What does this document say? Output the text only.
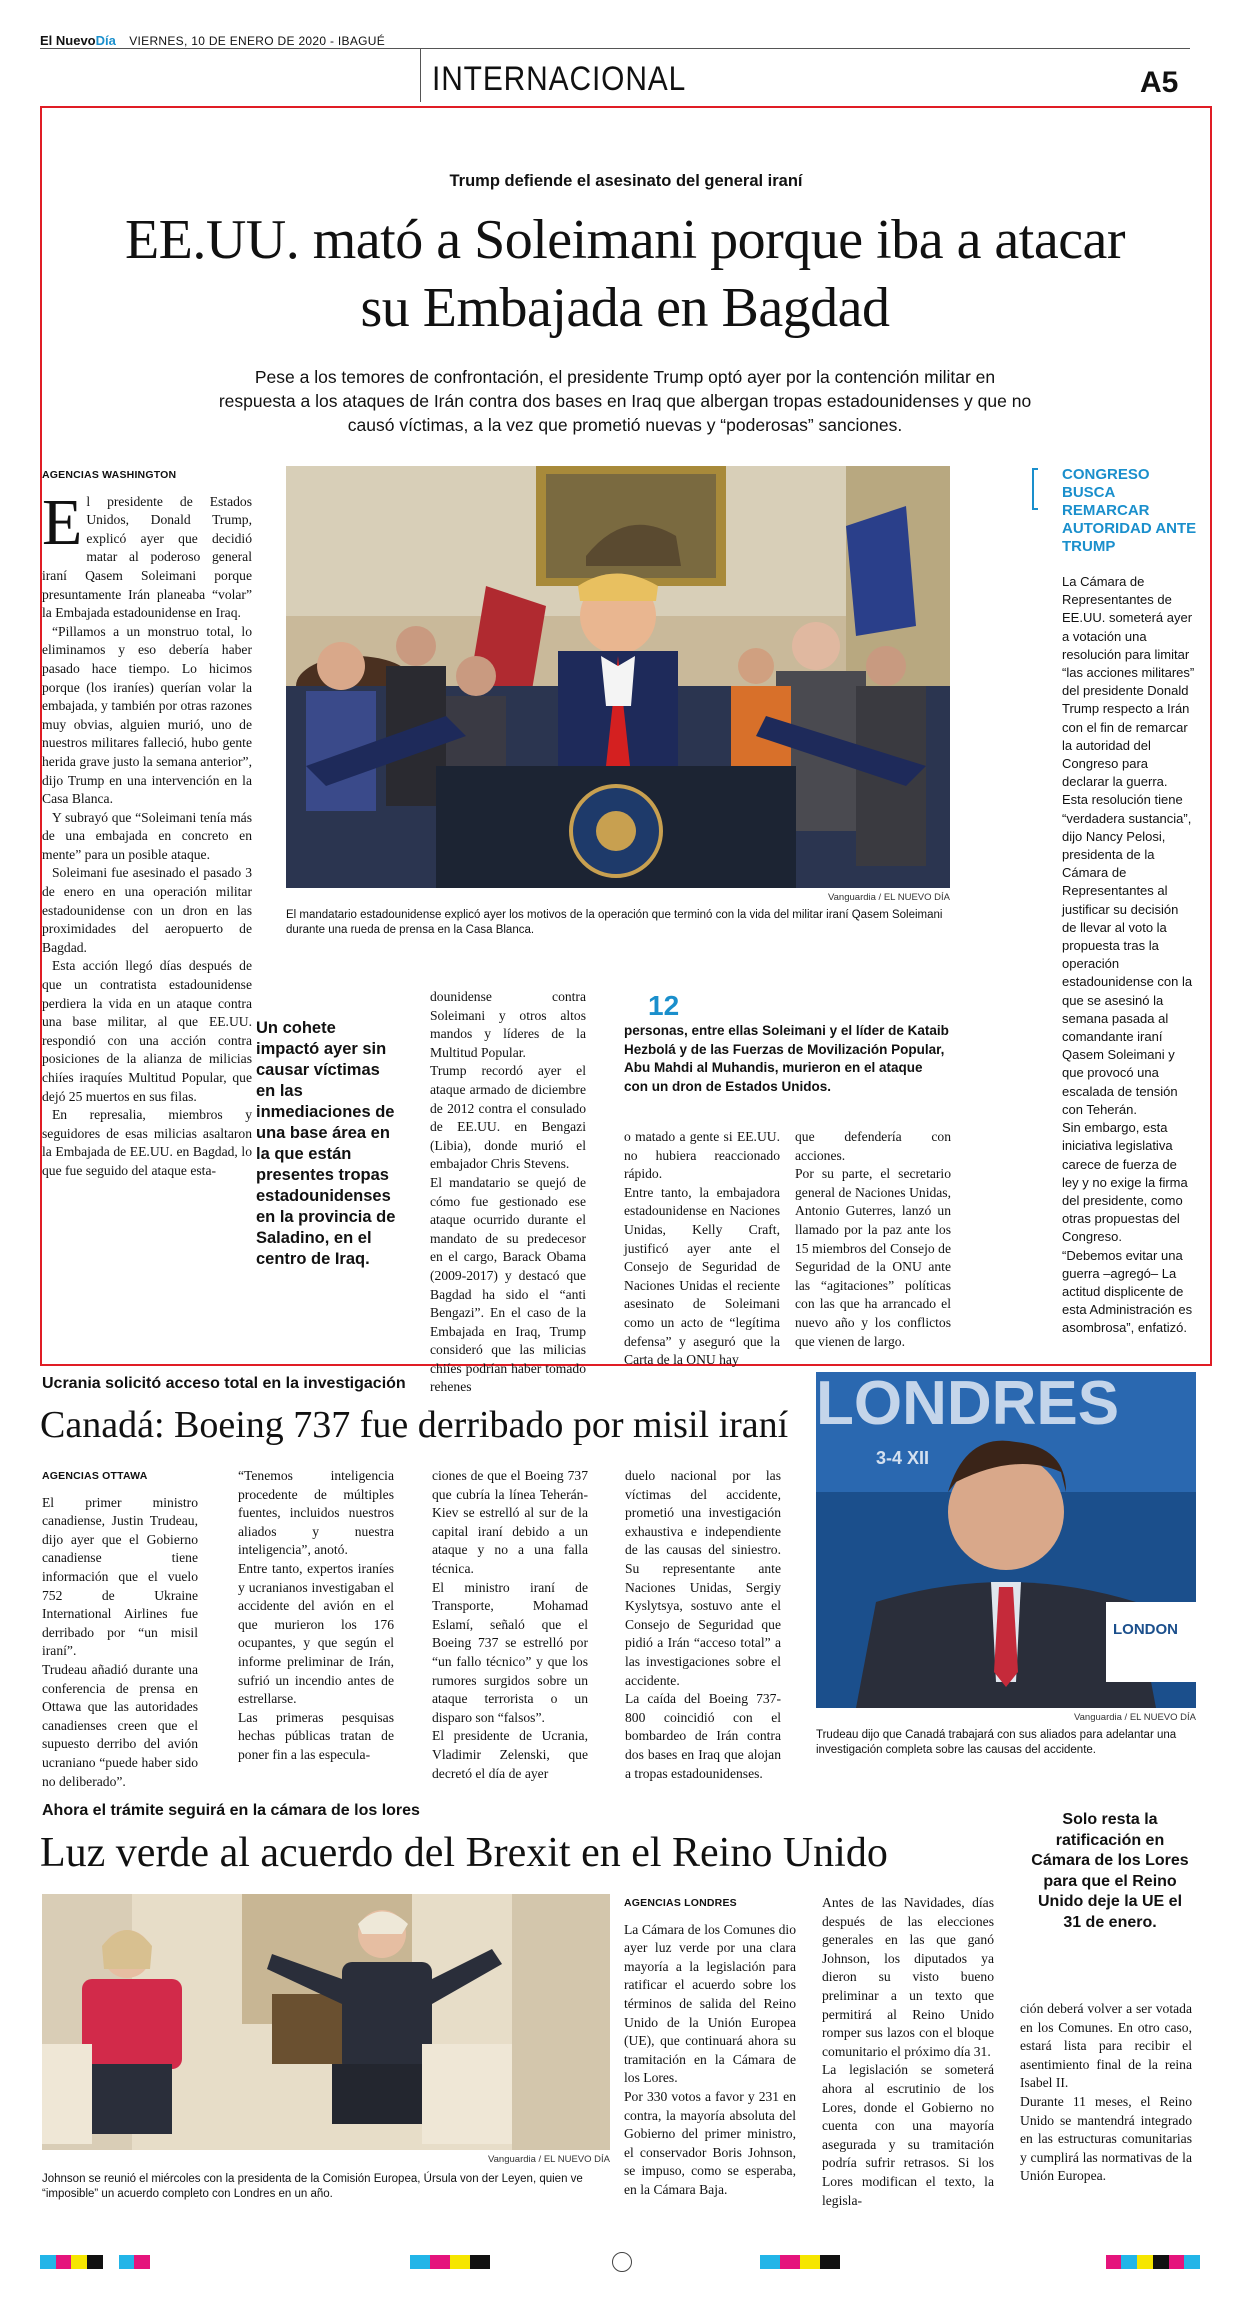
El NuevoDía VIERNES, 10 DE ENERO DE 2020 - IBAGUÉ
INTERNACIONAL	A5
Trump defiende el asesinato del general iraní
EE.UU. mató a Soleimani porque iba a atacar su Embajada en Bagdad
Pese a los temores de confrontación, el presidente Trump optó ayer por la contención militar en respuesta a los ataques de Irán contra dos bases en Iraq que albergan tropas estadounidenses y que no causó víctimas, a la vez que prometió nuevas y “poderosas” sanciones.
AGENCIAS WASHINGTON

El presidente de Estados Unidos, Donald Trump, explicó ayer que decidió matar al poderoso general iraní Qasem Soleimani porque presuntamente Irán planeaba “volar” la Embajada estadounidense en Iraq.

“Pillamos a un monstruo total, lo eliminamos y eso debería haber pasado hace tiempo. Lo hicimos porque (los iraníes) querían volar la embajada, y también por otras razones muy obvias, alguien murió, uno de nuestros militares falleció, hubo gente herida grave justo la semana anterior”, dijo Trump en una intervención en la Casa Blanca.

Y subrayó que “Soleimani tenía más de una embajada en concreto en mente” para un posible ataque.

Soleimani fue asesinado el pasado 3 de enero en una operación militar estadounidense con un dron en las proximidades del aeropuerto de Bagdad.

Esta acción llegó días después de que un contratista estadounidense perdiera la vida en un ataque contra una base militar, al que EE.UU. respondió con una acción contra posiciones de la alianza de milicias chiíes iraquíes Multitud Popular, que dejó 25 muertos en sus filas.

En represalia, miembros y seguidores de esas milicias asaltaron la Embajada de EE.UU. en Bagdad, lo que fue seguido del ataque esta-

Vanguardia / EL NUEVO DÍA
El mandatario estadounidense explicó ayer los motivos de la operación que terminó con la vida del militar iraní Qasem Soleimani durante una rueda de prensa en la Casa Blanca.
Un cohete impactó ayer sin causar víctimas en las inmediaciones de una base área en la que están presentes tropas estadounidenses en la provincia de Saladino, en el centro de Iraq.

dounidense contra Soleimani y otros altos mandos y líderes de la Multitud Popular.
Trump recordó ayer el ataque armado de diciembre de 2012 contra el consulado de EE.UU. en Bengazi (Libia), donde murió el embajador Chris Stevens.
El mandatario se quejó de cómo fue gestionado ese ataque ocurrido durante el mandato de su predecesor en el cargo, Barack Obama (2009-2017) y destacó que Bagdad ha sido el “anti Bengazi”. En el caso de la Embajada en Iraq, Trump consideró que las milicias chiíes podrían haber tomado rehenes

12
personas, entre ellas Soleimani y el líder de Kataib Hezbolá y de las Fuerzas de Movilización Popular, Abu Mahdi al Muhandis, murieron en el ataque con un dron de Estados Unidos.

o matado a gente si EE.UU. no hubiera reaccionado rápido.
Entre tanto, la embajadora estadounidense en Naciones Unidas, Kelly Craft, justificó ayer ante el Consejo de Seguridad de Naciones Unidas el reciente asesinato de Soleimani como un acto de “legítima defensa” y aseguró que la Carta de la ONU hay

que defendería con acciones.
Por su parte, el secretario general de Naciones Unidas, Antonio Guterres, lanzó un llamado por la paz ante los 15 miembros del Consejo de Seguridad de la ONU ante las “agitaciones” políticas con las que ha arrancado el nuevo año y los conflictos que vienen de largo.

CONGRESO BUSCA REMARCAR AUTORIDAD ANTE TRUMP
La Cámara de Representantes de EE.UU. someterá ayer a votación una resolución para limitar “las acciones militares” del presidente Donald Trump respecto a Irán con el fin de remarcar la autoridad del Congreso para declarar la guerra.
Esta resolución tiene “verdadera sustancia”, dijo Nancy Pelosi, presidenta de la Cámara de Representantes al justificar su decisión de llevar al voto la propuesta tras la operación estadounidense con la que se asesinó la semana pasada al comandante iraní Qasem Soleimani y que provocó una escalada de tensión con Teherán.
Sin embargo, esta iniciativa legislativa carece de fuerza de ley y no exige la firma del presidente, como otras propuestas del Congreso.
“Debemos evitar una guerra –agregó– La actitud displicente de esta Administración es asombrosa”, enfatizó.
Ucrania solicitó acceso total en la investigación
Canadá: Boeing 737 fue derribado por misil iraní
AGENCIAS OTTAWA

El primer ministro canadiense, Justin Trudeau, dijo ayer que el Gobierno canadiense tiene información que el vuelo 752 de Ukraine International Airlines fue derribado por “un misil iraní”.
Trudeau añadió durante una conferencia de prensa en Ottawa que las autoridades canadienses creen que el supuesto derribo del avión ucraniano “puede haber sido no deliberado”.

“Tenemos inteligencia procedente de múltiples fuentes, incluidos nuestros aliados y nuestra inteligencia”, anotó.
Entre tanto, expertos iraníes y ucranianos investigaban el accidente del avión en el que murieron los 176 ocupantes, y que según el informe preliminar de Irán, sufrió un incendio antes de estrellarse.
Las primeras pesquisas hechas públicas tratan de poner fin a las especula-

ciones de que el Boeing 737 que cubría la línea Teherán-Kiev se estrelló al sur de la capital iraní debido a un ataque y no a una falla técnica.
El ministro iraní de Transporte, Mohamad Eslamí, señaló que el Boeing 737 se estrelló por “un fallo técnico” y que los rumores surgidos sobre un ataque terrorista o un disparo son “falsos”.
El presidente de Ucrania, Vladimir Zelenski, que decretó el día de ayer

duelo nacional por las víctimas del accidente, prometió una investigación exhaustiva e independiente de las causas del siniestro. Su representante ante Naciones Unidas, Sergiy Kyslytsya, sostuvo ante el Consejo de Seguridad que pidió a Irán “acceso total” a las investigaciones sobre el accidente.
La caída del Boeing 737-800 coincidió con el bombardeo de Irán contra dos bases en Iraq que alojan a tropas estadounidenses.

LONDRES
3-4 XII
LONDON
Vanguardia / EL NUEVO DÍA
Trudeau dijo que Canadá trabajará con sus aliados para adelantar una investigación completa sobre las causas del accidente.
Ahora el trámite seguirá en la cámara de los lores
Luz verde al acuerdo del Brexit en el Reino Unido
Solo resta la ratificación en Cámara de los Lores para que el Reino Unido deje la UE el 31 de enero.
Vanguardia / EL NUEVO DÍA
Johnson se reunió el miércoles con la presidenta de la Comisión Europea, Úrsula von der Leyen, quien ve “imposible” un acuerdo completo con Londres en un año.
AGENCIAS LONDRES

La Cámara de los Comunes dio ayer luz verde por una clara mayoría a la legislación para ratificar el acuerdo sobre los términos de salida del Reino Unido de la Unión Europea (UE), que continuará ahora su tramitación en la Cámara de los Lores.
Por 330 votos a favor y 231 en contra, la mayoría absoluta del Gobierno del primer ministro, el conservador Boris Johnson, se impuso, como se esperaba, en la Cámara Baja.

Antes de las Navidades, días después de las elecciones generales en las que ganó Johnson, los diputados ya dieron su visto bueno preliminar a un texto que permitirá al Reino Unido romper sus lazos con el bloque comunitario el próximo día 31.
La legislación se someterá ahora al escrutinio de los Lores, donde el Gobierno no cuenta con una mayoría asegurada y su tramitación podría sufrir retrasos. Si los Lores modifican el texto, la legisla-

ción deberá volver a ser votada en los Comunes. En otro caso, estará lista para recibir el asentimiento final de la reina Isabel II.
Durante 11 meses, el Reino Unido se mantendrá integrado en las estructuras comunitarias y cumplirá las normativas de la Unión Europea.
